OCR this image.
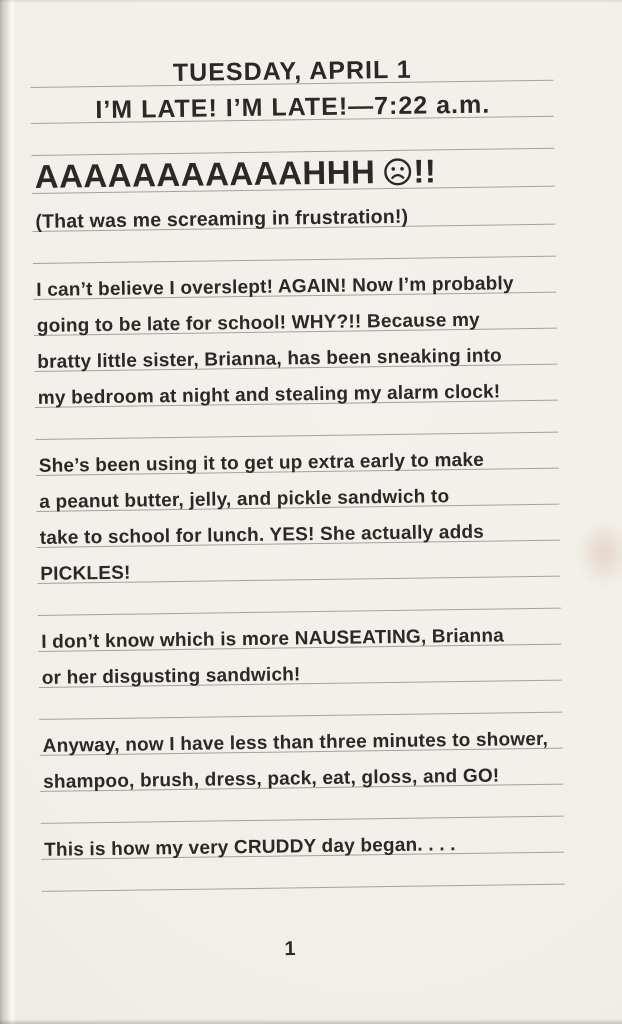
TUESDAY, APRIL 1
I’M LATE! I’M LATE!—7:22 a.m.
AAAAAAAAAAAHHH !!
(That was me screaming in frustration!)
I can’t believe I overslept! AGAIN! Now I’m probably
going to be late for school! WHY?!! Because my
bratty little sister, Brianna, has been sneaking into
my bedroom at night and stealing my alarm clock!
She’s been using it to get up extra early to make
a peanut butter, jelly, and pickle sandwich to
take to school for lunch. YES! She actually adds
PICKLES!
I don’t know which is more NAUSEATING, Brianna
or her disgusting sandwich!
Anyway, now I have less than three minutes to shower,
shampoo, brush, dress, pack, eat, gloss, and GO!
This is how my very CRUDDY day began. . . .
1
